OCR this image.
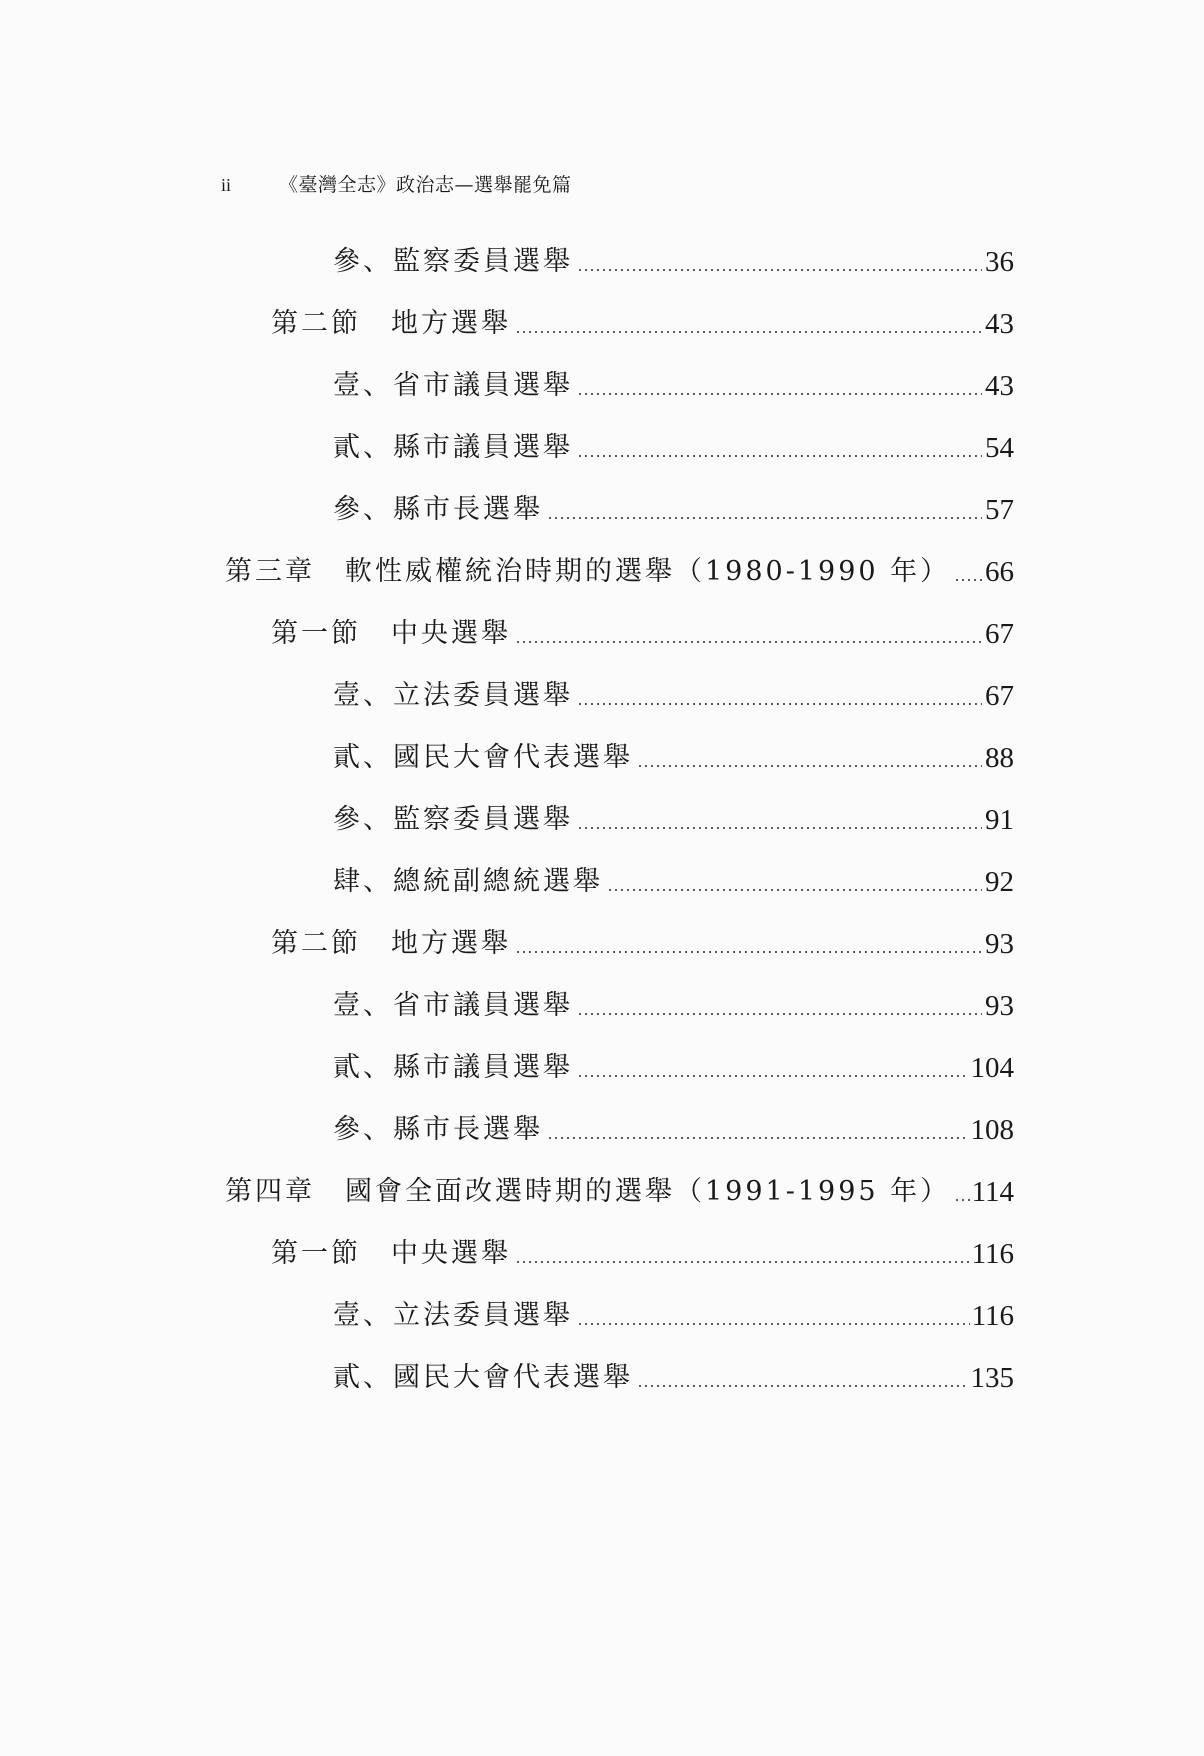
ii	《臺灣全志》政治志—選舉罷免篇
參、監察委員選舉	36
第二節　地方選舉	43
壹、省市議員選舉	43
貳、縣市議員選舉	54
參、縣市長選舉	57
第三章　軟性威權統治時期的選舉（1980-1990 年） 66
第一節　中央選舉	67
壹、立法委員選舉	67
貳、國民大會代表選舉	88
參、監察委員選舉	91
肆、總統副總統選舉	92
第二節　地方選舉	93
壹、省市議員選舉	93
貳、縣市議員選舉	104
參、縣市長選舉	108
第四章　國會全面改選時期的選舉（1991-1995 年） 114
第一節　中央選舉	116
壹、立法委員選舉	116
貳、國民大會代表選舉	135
